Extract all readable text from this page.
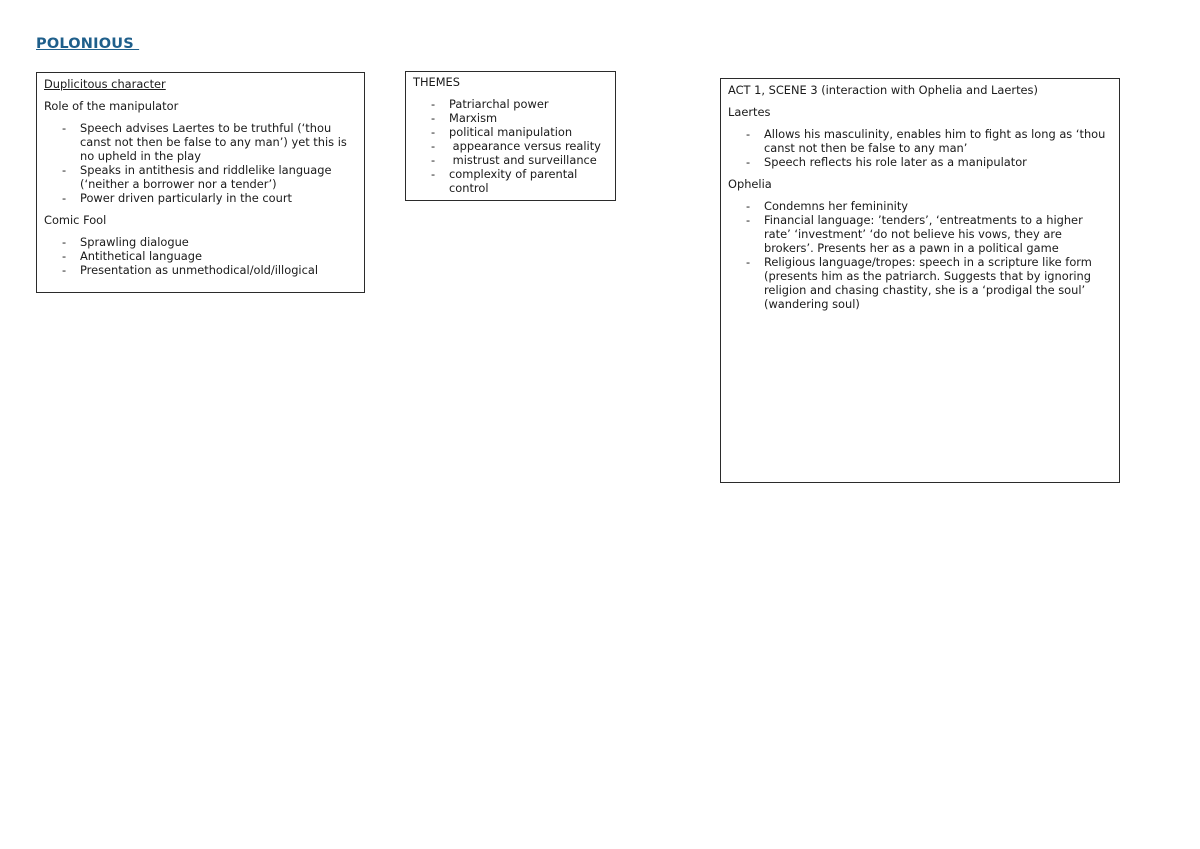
POLONIOUS

Duplicitous character

Role of the manipulator

- Speech advises Laertes to be truthful (‘thou canst not then be false to any man’) yet this is no upheld in the play
- Speaks in antithesis and riddlelike language (‘neither a borrower nor a tender’)
- Power driven particularly in the court

Comic Fool

- Sprawling dialogue
- Antithetical language
- Presentation as unmethodical/old/illogical

THEMES

- Patriarchal power
- Marxism
- political manipulation
- appearance versus reality
- mistrust and surveillance
- complexity of parental control

ACT 1, SCENE 3 (interaction with Ophelia and Laertes)

Laertes

- Allows his masculinity, enables him to fight as long as ‘thou canst not then be false to any man’
- Speech reflects his role later as a manipulator

Ophelia

- Condemns her femininity
- Financial language: ’tenders’, ‘entreatments to a higher rate’ ‘investment’ ‘do not believe his vows, they are brokers’. Presents her as a pawn in a political game
- Religious language/tropes: speech in a scripture like form (presents him as the patriarch. Suggests that by ignoring religion and chasing chastity, she is a ‘prodigal the soul’ (wandering soul)
